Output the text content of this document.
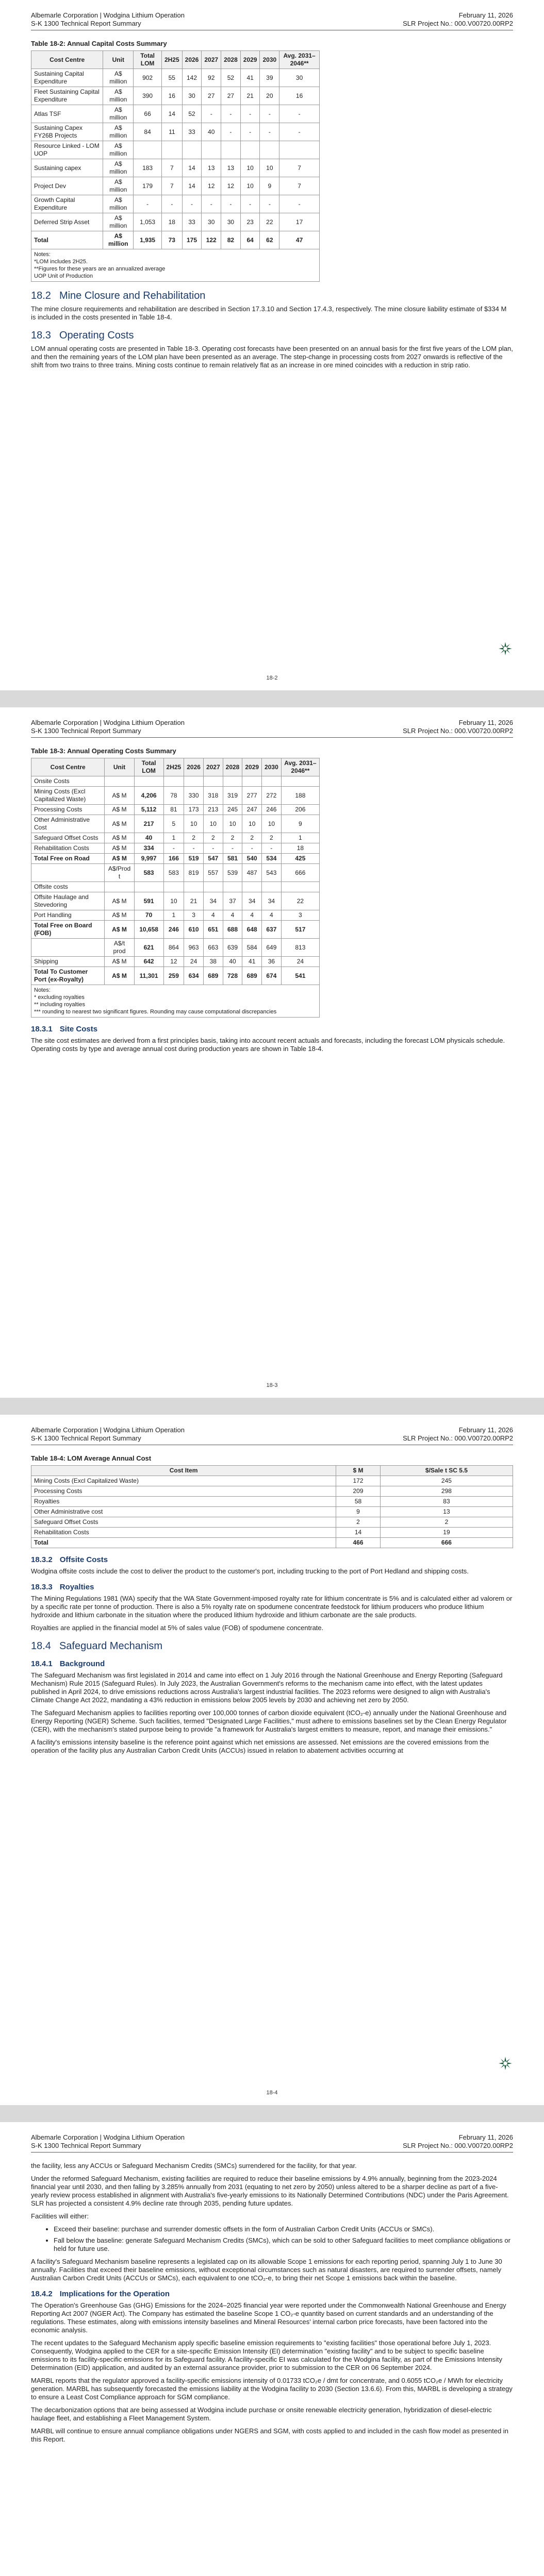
Albemarle Corporation | Wodgina Lithium Operation
S-K 1300 Technical Report Summary
February 11, 2026
SLR Project No.: 000.V00720.00RP2
Table 18-2: Annual Capital Costs Summary
Cost Centre	Unit	Total LOM	2H25	2026	2027	2028	2029	2030	Avg. 2031–2046**
Sustaining Capital Expenditure	A$ million	902	55	142	92	52	41	39	30
Fleet Sustaining Capital Expenditure	A$ million	390	16	30	27	27	21	20	16
Atlas TSF	A$ million	66	14	52	-	-	-	-	-
Sustaining Capex FY26B Projects	A$ million	84	11	33	40	-	-	-	-
Resource Linked - LOM UOP	A$ million								
Sustaining capex	A$ million	183	7	14	13	13	10	10	7
Project Dev	A$ million	179	7	14	12	12	10	9	7
Growth Capital Expenditure	A$ million	-	-	-	-	-	-	-	-
Deferred Strip Asset	A$ million	1,053	18	33	30	30	23	22	17
Total	A$ million	1,935	73	175	122	82	64	62	47
Notes:
*LOM includes 2H25.
**Figures for these years are an annualized average
UOP Unit of Production
18.2 Mine Closure and Rehabilitation

The mine closure requirements and rehabilitation are described in Section 17.3.10 and Section 17.4.3, respectively. The mine closure liability estimate of $334 M is included in the costs presented in Table 18-4.

18.3 Operating Costs

LOM annual operating costs are presented in Table 18-3. Operating cost forecasts have been presented on an annual basis for the first five years of the LOM plan, and then the remaining years of the LOM plan have been presented as an average. The step-change in processing costs from 2027 onwards is reflective of the shift from two trains to three trains. Mining costs continue to remain relatively flat as an increase in ore mined coincides with a reduction in strip ratio.

18-2
Albemarle Corporation | Wodgina Lithium Operation
S-K 1300 Technical Report Summary
February 11, 2026
SLR Project No.: 000.V00720.00RP2
Table 18-3: Annual Operating Costs Summary
Cost Centre	Unit	Total LOM	2H25	2026	2027	2028	2029	2030	Avg. 2031–2046**
Onsite Costs									
Mining Costs (Excl Capitalized Waste)	A$ M	4,206	78	330	318	319	277	272	188
Processing Costs	A$ M	5,112	81	173	213	245	247	246	206
Other Administrative Cost	A$ M	217	5	10	10	10	10	10	9
Safeguard Offset Costs	A$ M	40	1	2	2	2	2	2	1
Rehabilitation Costs	A$ M	334	-	-	-	-	-	-	18
Total Free on Road	A$ M	9,997	166	519	547	581	540	534	425
	A$/Prod t	583	583	819	557	539	487	543	666
Offsite costs									
Offsite Haulage and Stevedoring	A$ M	591	10	21	34	37	34	34	22
Port Handling	A$ M	70	1	3	4	4	4	4	3
Total Free on Board (FOB)	A$ M	10,658	246	610	651	688	648	637	517
	A$/t prod	621	864	963	663	639	584	649	813
Shipping	A$ M	642	12	24	38	40	41	36	24
Total To Customer Port (ex-Royalty)	A$ M	11,301	259	634	689	728	689	674	541
Notes:
* excluding royalties
** including royalties
*** rounding to nearest two significant figures. Rounding may cause computational discrepancies
18.3.1 Site Costs

The site cost estimates are derived from a first principles basis, taking into account recent actuals and forecasts, including the forecast LOM physicals schedule. Operating costs by type and average annual cost during production years are shown in Table 18-4.

18-3
Albemarle Corporation | Wodgina Lithium Operation
S-K 1300 Technical Report Summary
February 11, 2026
SLR Project No.: 000.V00720.00RP2
Table 18-4: LOM Average Annual Cost
Cost Item	$ M	$/Sale t SC 5.5
Mining Costs (Excl Capitalized Waste)	172	245
Processing Costs	209	298
Royalties	58	83
Other Administrative cost	9	13
Safeguard Offset Costs	2	2
Rehabilitation Costs	14	19
Total	466	666
18.3.2 Offsite Costs

Wodgina offsite costs include the cost to deliver the product to the customer's port, including trucking to the port of Port Hedland and shipping costs.

18.3.3 Royalties

The Mining Regulations 1981 (WA) specify that the WA State Government-imposed royalty rate for lithium concentrate is 5% and is calculated either ad valorem or by a specific rate per tonne of production. There is also a 5% royalty rate on spodumene concentrate feedstock for lithium producers who produce lithium hydroxide and lithium carbonate in the situation where the produced lithium hydroxide and lithium carbonate are the sale products.

Royalties are applied in the financial model at 5% of sales value (FOB) of spodumene concentrate.

18.4 Safeguard Mechanism
18.4.1 Background

The Safeguard Mechanism was first legislated in 2014 and came into effect on 1 July 2016 through the National Greenhouse and Energy Reporting (Safeguard Mechanism) Rule 2015 (Safeguard Rules). In July 2023, the Australian Government's reforms to the mechanism came into effect, with the latest updates published in April 2024, to drive emissions reductions across Australia's largest industrial facilities. The 2023 reforms were designed to align with Australia's Climate Change Act 2022, mandating a 43% reduction in emissions below 2005 levels by 2030 and achieving net zero by 2050.

The Safeguard Mechanism applies to facilities reporting over 100,000 tonnes of carbon dioxide equivalent (tCO₂-e) annually under the National Greenhouse and Energy Reporting (NGER) Scheme. Such facilities, termed "Designated Large Facilities," must adhere to emissions baselines set by the Clean Energy Regulator (CER), with the mechanism's stated purpose being to provide "a framework for Australia's largest emitters to measure, report, and manage their emissions."

A facility's emissions intensity baseline is the reference point against which net emissions are assessed. Net emissions are the covered emissions from the operation of the facility plus any Australian Carbon Credit Units (ACCUs) issued in relation to abatement activities occurring at

18-4
Albemarle Corporation | Wodgina Lithium Operation
S-K 1300 Technical Report Summary
February 11, 2026
SLR Project No.: 000.V00720.00RP2

the facility, less any ACCUs or Safeguard Mechanism Credits (SMCs) surrendered for the facility, for that year.

Under the reformed Safeguard Mechanism, existing facilities are required to reduce their baseline emissions by 4.9% annually, beginning from the 2023-2024 financial year until 2030, and then falling by 3.285% annually from 2031 (equating to net zero by 2050) unless altered to be a sharper decline as part of a five-yearly review process established in alignment with Australia's five-yearly emissions to its Nationally Determined Contributions (NDC) under the Paris Agreement. SLR has projected a consistent 4.9% decline rate through 2035, pending future updates.

Facilities will either:

• Exceed their baseline: purchase and surrender domestic offsets in the form of Australian Carbon Credit Units (ACCUs or SMCs).
• Fall below the baseline: generate Safeguard Mechanism Credits (SMCs), which can be sold to other Safeguard facilities to meet compliance obligations or held for future use.

A facility's Safeguard Mechanism baseline represents a legislated cap on its allowable Scope 1 emissions for each reporting period, spanning July 1 to June 30 annually. Facilities that exceed their baseline emissions, without exceptional circumstances such as natural disasters, are required to surrender offsets, namely Australian Carbon Credit Units (ACCUs or SMCs), each equivalent to one tCO₂-e, to bring their net Scope 1 emissions back within the baseline.

18.4.2 Implications for the Operation

The Operation's Greenhouse Gas (GHG) Emissions for the 2024–2025 financial year were reported under the Commonwealth National Greenhouse and Energy Reporting Act 2007 (NGER Act). The Company has estimated the baseline Scope 1 CO₂-e quantity based on current standards and an understanding of the regulations. These estimates, along with emissions intensity baselines and Mineral Resources' internal carbon price forecasts, have been factored into the economic analysis.

The recent updates to the Safeguard Mechanism apply specific baseline emission requirements to "existing facilities" those operational before July 1, 2023. Consequently, Wodgina applied to the CER for a site-specific Emission Intensity (EI) determination "existing facility" and to be subject to specific baseline emissions to its facility-specific emissions for its Safeguard facility. A facility-specific EI was calculated for the Wodgina facility, as part of the Emissions Intensity Determination (EID) application, and audited by an external assurance provider, prior to submission to the CER on 06 September 2024.

MARBL reports that the regulator approved a facility-specific emissions intensity of 0.01733 tCO₂e / dmt for concentrate, and 0.6055 tCO₂e / MWh for electricity generation. MARBL has subsequently forecasted the emissions liability at the Wodgina facility to 2030 (Section 13.6.6). From this, MARBL is developing a strategy to ensure a Least Cost Compliance approach for SGM compliance.

The decarbonization options that are being assessed at Wodgina include purchase or onsite renewable electricity generation, hybridization of diesel-electric haulage fleet, and establishing a Fleet Management System.

MARBL will continue to ensure annual compliance obligations under NGERS and SGM, with costs applied to and included in the cash flow model as presented in this Report.
